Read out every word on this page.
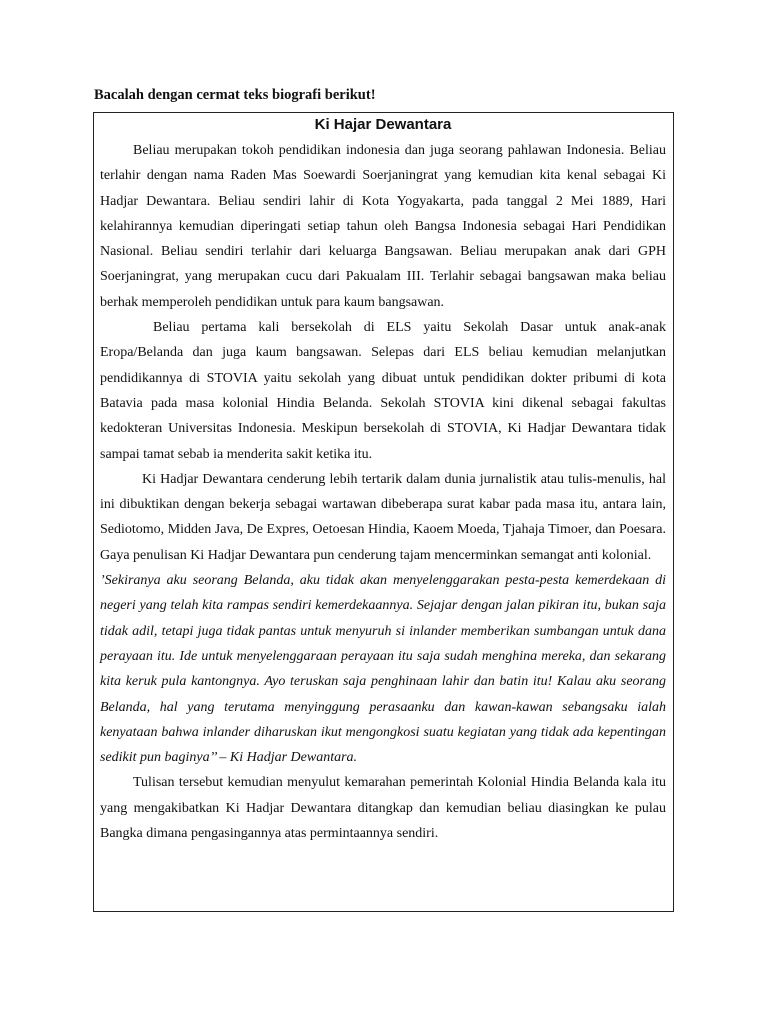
Bacalah dengan cermat teks biografi berikut!

Ki Hajar Dewantara

Beliau merupakan tokoh pendidikan indonesia dan juga seorang pahlawan Indonesia. Beliau terlahir dengan nama Raden Mas Soewardi Soerjaningrat yang kemudian kita kenal sebagai Ki Hadjar Dewantara. Beliau sendiri lahir di Kota Yogyakarta, pada tanggal 2 Mei 1889, Hari kelahirannya kemudian diperingati setiap tahun oleh Bangsa Indonesia sebagai Hari Pendidikan Nasional. Beliau sendiri terlahir dari keluarga Bangsawan. Beliau merupakan anak dari GPH Soerjaningrat, yang merupakan cucu dari Pakualam III. Terlahir sebagai bangsawan maka beliau berhak memperoleh pendidikan untuk para kaum bangsawan.

Beliau pertama kali bersekolah di ELS yaitu Sekolah Dasar untuk anak-anak Eropa/Belanda dan juga kaum bangsawan. Selepas dari ELS beliau kemudian melanjutkan pendidikannya di STOVIA yaitu sekolah yang dibuat untuk pendidikan dokter pribumi di kota Batavia pada masa kolonial Hindia Belanda. Sekolah STOVIA kini dikenal sebagai fakultas kedokteran Universitas Indonesia. Meskipun bersekolah di STOVIA, Ki Hadjar Dewantara tidak sampai tamat sebab ia menderita sakit ketika itu.

Ki Hadjar Dewantara cenderung lebih tertarik dalam dunia jurnalistik atau tulis-menulis, hal ini dibuktikan dengan bekerja sebagai wartawan dibeberapa surat kabar pada masa itu, antara lain, Sediotomo, Midden Java, De Expres, Oetoesan Hindia, Kaoem Moeda, Tjahaja Timoer, dan Poesara. Gaya penulisan Ki Hadjar Dewantara pun cenderung tajam mencerminkan semangat anti kolonial.

’Sekiranya aku seorang Belanda, aku tidak akan menyelenggarakan pesta-pesta kemerdekaan di negeri yang telah kita rampas sendiri kemerdekaannya. Sejajar dengan jalan pikiran itu, bukan saja tidak adil, tetapi juga tidak pantas untuk menyuruh si inlander memberikan sumbangan untuk dana perayaan itu. Ide untuk menyelenggaraan perayaan itu saja sudah menghina mereka, dan sekarang kita keruk pula kantongnya. Ayo teruskan saja penghinaan lahir dan batin itu! Kalau aku seorang Belanda, hal yang terutama menyinggung perasaanku dan kawan-kawan sebangsaku ialah kenyataan bahwa inlander diharuskan ikut mengongkosi suatu kegiatan yang tidak ada kepentingan sedikit pun baginya’’ – Ki Hadjar Dewantara.

Tulisan tersebut kemudian menyulut kemarahan pemerintah Kolonial Hindia Belanda kala itu yang mengakibatkan Ki Hadjar Dewantara ditangkap dan kemudian beliau diasingkan ke pulau Bangka dimana pengasingannya atas permintaannya sendiri.
